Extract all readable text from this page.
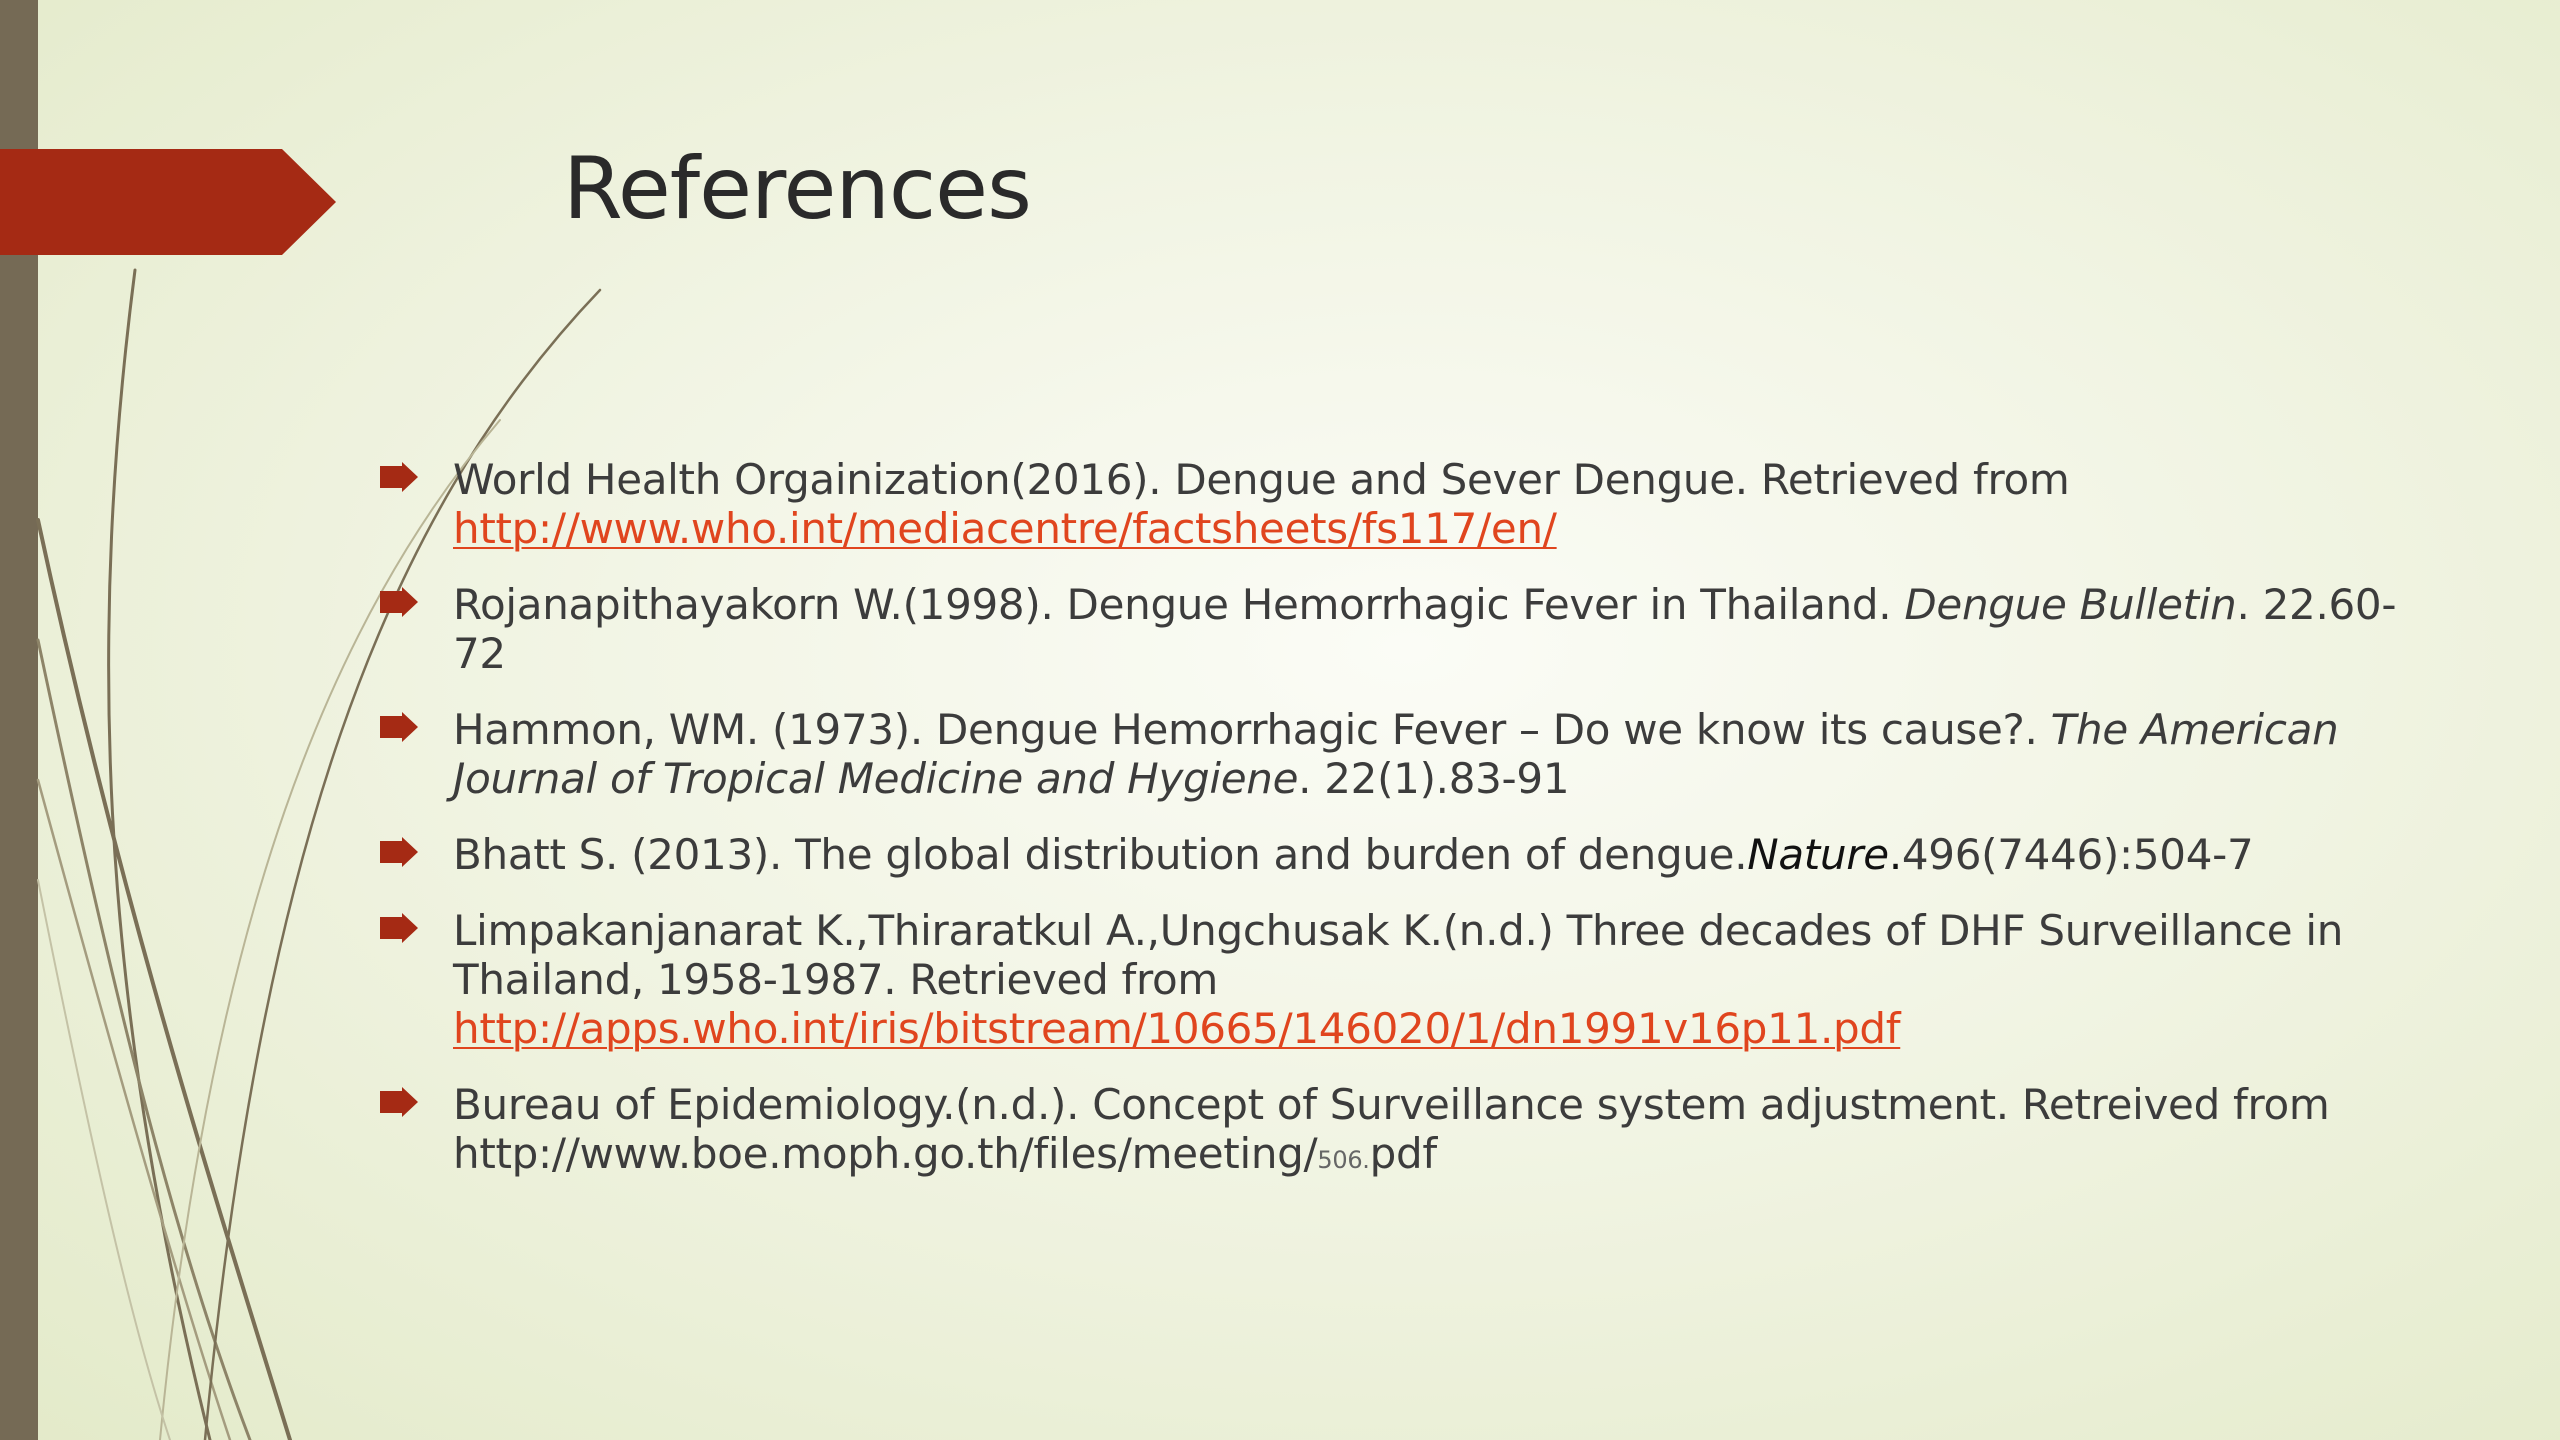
References
World Health Orgainization(2016). Dengue and Sever Dengue. Retrieved from http://www.who.int/mediacentre/factsheets/fs117/en/
Rojanapithayakorn W.(1998). Dengue Hemorrhagic Fever in Thailand. Dengue Bulletin. 22.60-72
Hammon, WM. (1973). Dengue Hemorrhagic Fever – Do we know its cause?. The American Journal of Tropical Medicine and Hygiene. 22(1).83-91
Bhatt S. (2013). The global distribution and burden of dengue.Nature.496(7446):504-7
Limpakanjanarat K.,Thiraratkul A.,Ungchusak K.(n.d.) Three decades of DHF Surveillance in Thailand, 1958-1987. Retrieved from http://apps.who.int/iris/bitstream/10665/146020/1/dn1991v16p11.pdf
Bureau of Epidemiology.(n.d.). Concept of Surveillance system adjustment. Retreived from http://www.boe.moph.go.th/files/meeting/506.pdf
